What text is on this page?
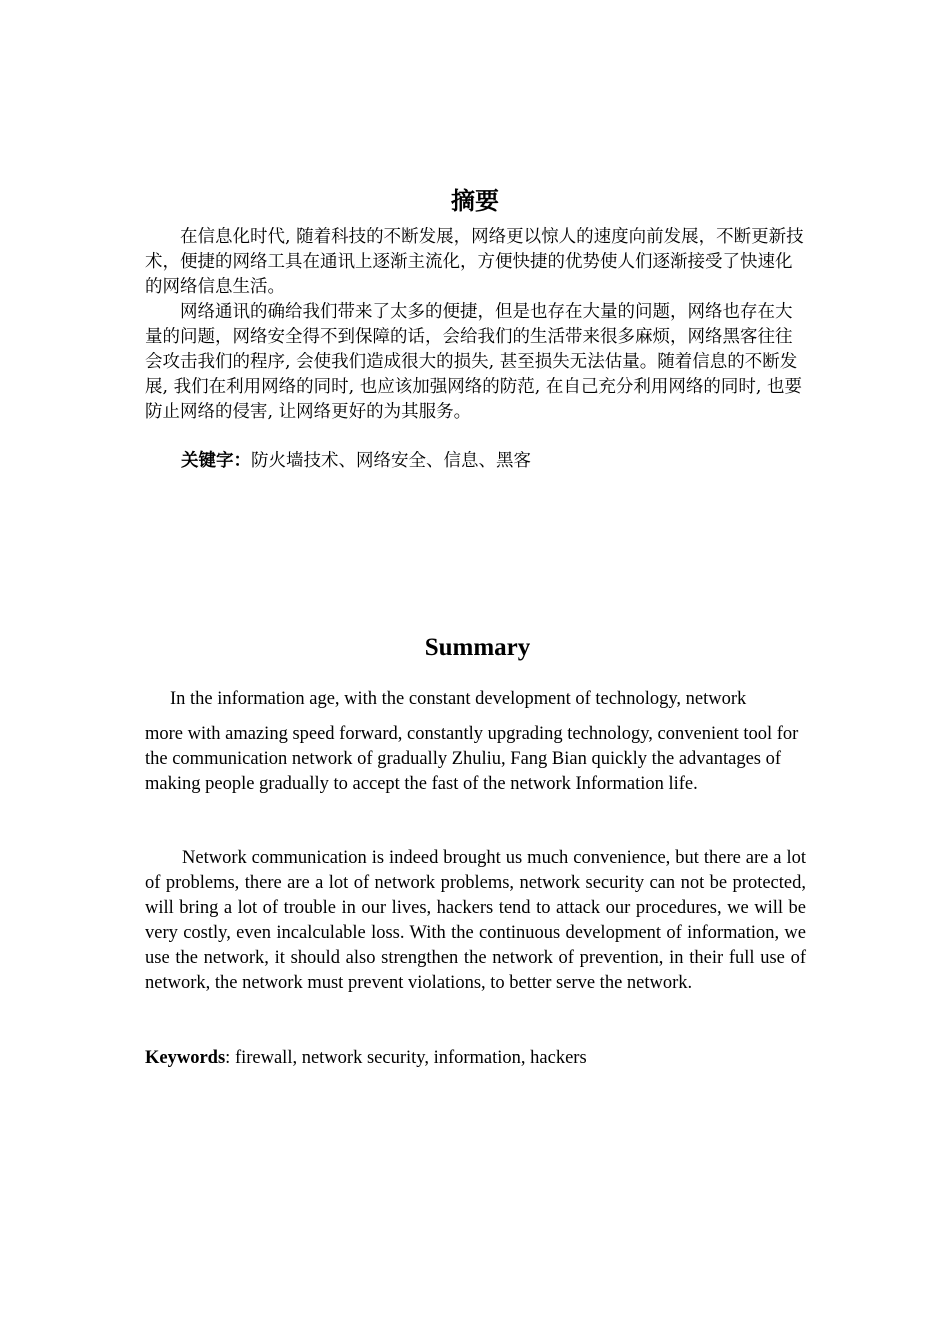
摘要

在信息化时代, 随着科技的不断发展，网络更以惊人的速度向前发展，不断更新技术，便捷的网络工具在通讯上逐渐主流化，方便快捷的优势使人们逐渐接受了快速化的网络信息生活。

网络通讯的确给我们带来了太多的便捷，但是也存在大量的问题，网络也存在大量的问题，网络安全得不到保障的话，会给我们的生活带来很多麻烦，网络黑客往往会攻击我们的程序, 会使我们造成很大的损失, 甚至损失无法估量。随着信息的不断发展, 我们在利用网络的同时, 也应该加强网络的防范, 在自己充分利用网络的同时, 也要防止网络的侵害, 让网络更好的为其服务。

关键字：防火墙技术、网络安全、信息、黑客
Summary
In the information age, with the constant development of technology, network

more with amazing speed forward, constantly upgrading technology, convenient tool for the communication network of gradually Zhuliu, Fang Bian quickly the advantages of making people gradually to accept the fast of the network Information life.

Network communication is indeed brought us much convenience, but there are a lot of problems, there are a lot of network problems, network security can not be protected, will bring a lot of trouble in our lives, hackers tend to attack our procedures, we will be very costly, even incalculable loss. With the continuous development of information, we use the network, it should also strengthen the network of prevention, in their full use of network, the network must prevent violations, to better serve the network.

Keywords: firewall, network security, information, hackers
